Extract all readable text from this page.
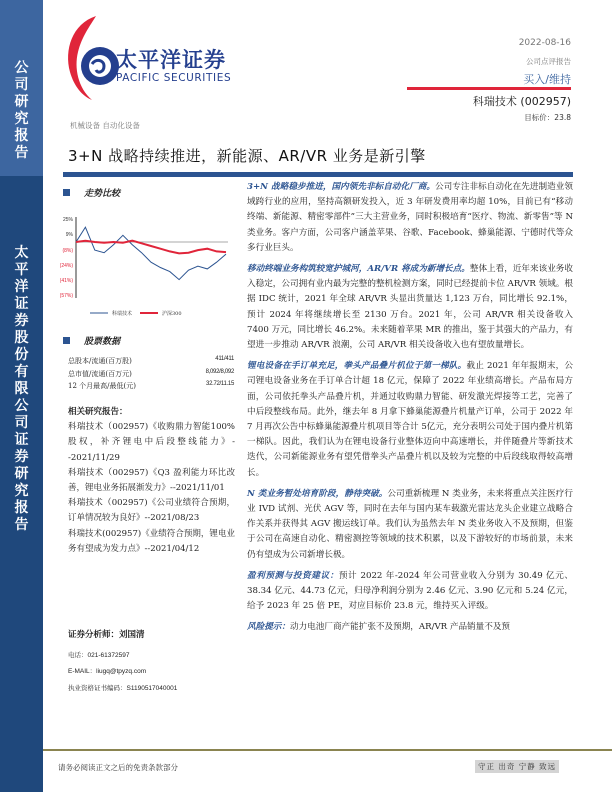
公
司
研
究
报
告
太
平
洋
证
券
股
份
有
限
公
司
证
券
研
究
报
告
太平洋证券
PACIFIC SECURITIES
2022-08-16
公司点评报告
买入/维持
科瑞技术 (002957)
目标价：23.8
机械设备 自动化设备
3+N 战略持续推进，新能源、AR/VR 业务是新引擎
走势比较
25%
9%
(8%)
(24%)
(41%)
(57%)
科瑞技术	沪深300
股票数据
总股本/流通(百万股)	411/411
总市值/流通(百万元)	8,092/8,092
12 个月最高/最低(元)	32.72/11.15
相关研究报告：
科瑞技术（002957)《收购鼎力智能100%股权，补齐锂电中后段整线能力》--2021/11/29
科瑞技术（002957)《Q3 盈利能力环比改善，锂电业务拓展渐发力》--2021/11/01
科瑞技术（002957)《公司业绩符合预期，订单情况较为良好》--2021/08/23
科瑞技术(002957)《业绩符合预期，锂电业务有望成为发力点》--2021/04/12
证券分析师：刘国清
电话：021-61372597
E-MAIL：liugq@tpyzq.com
执业资格证书编码：S1190517040001
3+N 战略稳步推进，国内领先非标自动化厂商。公司专注非标自动化在先进制造业领域跨行业的应用，坚持高额研发投入，近 3 年研发费用率均超 10%，目前已有“移动终端、新能源、精密零部件”三大主营业务，同时积极培育“医疗、物流、新零售”等 N 类业务。客户方面，公司客户涵盖苹果、谷歌、Facebook、蜂巢能源、宁德时代等众多行业巨头。
移动终端业务构筑较宽护城河，AR/VR 将成为新增长点。整体上看，近年来该业务收入稳定，公司拥有业内最为完整的整机检测方案，同时已经提前卡位 AR/VR 领域。根据 IDC 统计，2021 年全球 AR/VR 头显出货量达 1,123 万台，同比增长 92.1%，预计 2024 年将继续增长至 2130 万台。2021 年，公司 AR/VR 相关设备收入 7400 万元，同比增长 46.2%。未来随着苹果 MR 的推出，鉴于其强大的产品力，有望进一步推动 AR/VR 浪潮，公司 AR/VR 相关设备收入也有望放量增长。
锂电设备在手订单充足，拳头产品叠片机位于第一梯队。截止 2021 年年报期末，公司锂电设备业务在手订单合计超 18 亿元，保障了 2022 年业绩高增长。产品布局方面，公司依托拳头产品叠片机，并通过收购鼎力智能、研发激光焊接等工艺，完善了中后段整线布局。此外，继去年 8 月拿下蜂巢能源叠片机量产订单，公司于 2022 年 7 月再次公告中标蜂巢能源叠片机项目等合计 5亿元，充分表明公司处于国内叠片机第一梯队。因此，我们认为在锂电设备行业整体迈向中高速增长，并伴随叠片等新技术迭代，公司新能源业务有望凭借拳头产品叠片机以及较为完整的中后段线取得较高增长。
N 类业务暂处培育阶段，静待突破。公司重新梳理 N 类业务，未来将重点关注医疗行业 IVD 试剂、光伏 AGV 等，同时在去年与国内某车载激光雷达龙头企业建立战略合作关系并获得其 AGV 搬运线订单。我们认为虽然去年 N 类业务收入不及预期，但鉴于公司在高速自动化、精密测控等领域的技术积累，以及下游较好的市场前景，未来仍有望成为公司新增长极。
盈利预测与投资建议：预计 2022 年-2024 年公司营业收入分别为 30.49 亿元、38.34 亿元、44.73 亿元，归母净利润分别为 2.46 亿元、3.90 亿元和 5.24 亿元，给予 2023 年 25 倍 PE，对应目标价 23.8 元，维持买入评级。
风险提示：动力电池厂商产能扩张不及预期，AR/VR 产品销量不及预
请务必阅读正文之后的免责条款部分	守正 出奇 宁静 致远
